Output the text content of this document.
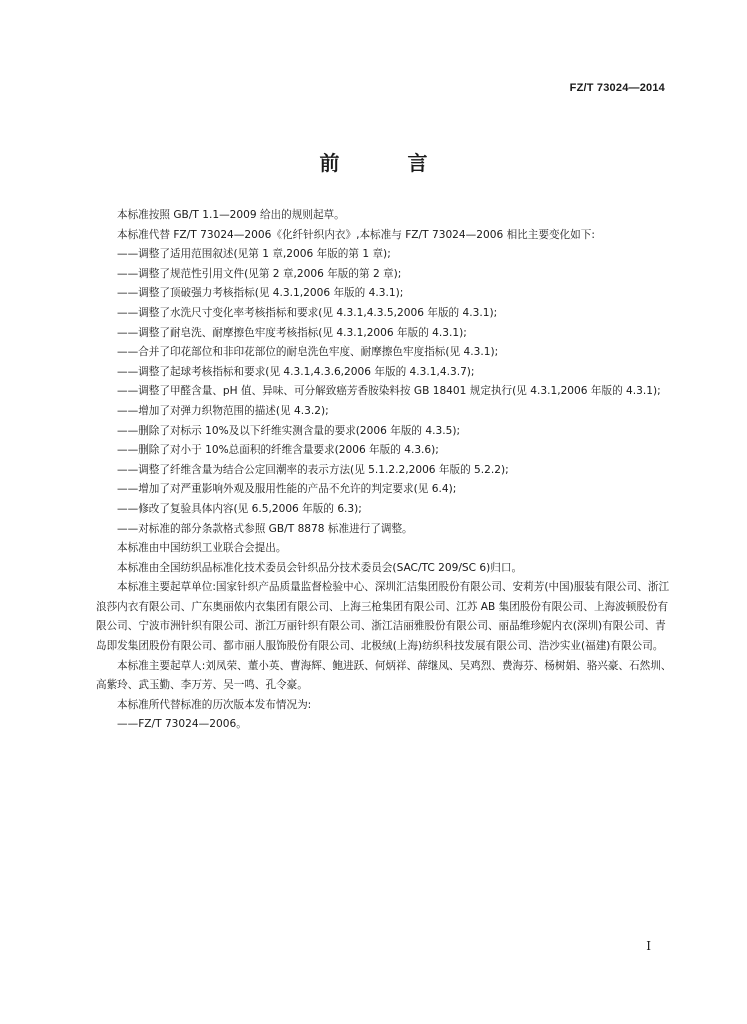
FZ/T 73024—2014
前　言

本标准按照 GB/T 1.1—2009 给出的规则起草。

本标准代替 FZ/T 73024—2006《化纤针织内衣》,本标准与 FZ/T 73024—2006 相比主要变化如下:

——调整了适用范围叙述(见第 1 章,2006 年版的第 1 章);

——调整了规范性引用文件(见第 2 章,2006 年版的第 2 章);

——调整了顶破强力考核指标(见 4.3.1,2006 年版的 4.3.1);

——调整了水洗尺寸变化率考核指标和要求(见 4.3.1,4.3.5,2006 年版的 4.3.1);

——调整了耐皂洗、耐摩擦色牢度考核指标(见 4.3.1,2006 年版的 4.3.1);

——合并了印花部位和非印花部位的耐皂洗色牢度、耐摩擦色牢度指标(见 4.3.1);

——调整了起球考核指标和要求(见 4.3.1,4.3.6,2006 年版的 4.3.1,4.3.7);

——调整了甲醛含量、pH 值、异味、可分解致癌芳香胺染料按 GB 18401 规定执行(见 4.3.1,2006 年版的 4.3.1);

——增加了对弹力织物范围的描述(见 4.3.2);

——删除了对标示 10%及以下纤维实测含量的要求(2006 年版的 4.3.5);

——删除了对小于 10%总面积的纤维含量要求(2006 年版的 4.3.6);

——调整了纤维含量为结合公定回潮率的表示方法(见 5.1.2.2,2006 年版的 5.2.2);

——增加了对严重影响外观及服用性能的产品不允许的判定要求(见 6.4);

——修改了复验具体内容(见 6.5,2006 年版的 6.3);

——对标准的部分条款格式参照 GB/T 8878 标准进行了调整。

本标准由中国纺织工业联合会提出。

本标准由全国纺织品标准化技术委员会针织品分技术委员会(SAC/TC 209/SC 6)归口。

本标准主要起草单位:国家针织产品质量监督检验中心、深圳汇洁集团股份有限公司、安莉芳(中国)服装有限公司、浙江浪莎内衣有限公司、广东奥丽侬内衣集团有限公司、上海三枪集团有限公司、江苏 AB 集团股份有限公司、上海波顿股份有限公司、宁波市洲针织有限公司、浙江万丽针织有限公司、浙江洁丽雅股份有限公司、丽晶维珍妮内衣(深圳)有限公司、青岛即发集团股份有限公司、都市丽人服饰股份有限公司、北极绒(上海)纺织科技发展有限公司、浩沙实业(福建)有限公司。

本标准主要起草人:刘凤荣、董小英、曹海辉、鲍进跃、何炳祥、薛继凤、吴鸡烈、费海芬、杨树娟、骆兴豪、石然圳、高紫玲、武玉勤、李万芳、吴一鸣、孔令豪。

本标准所代替标准的历次版本发布情况为:

——FZ/T 73024—2006。

I
